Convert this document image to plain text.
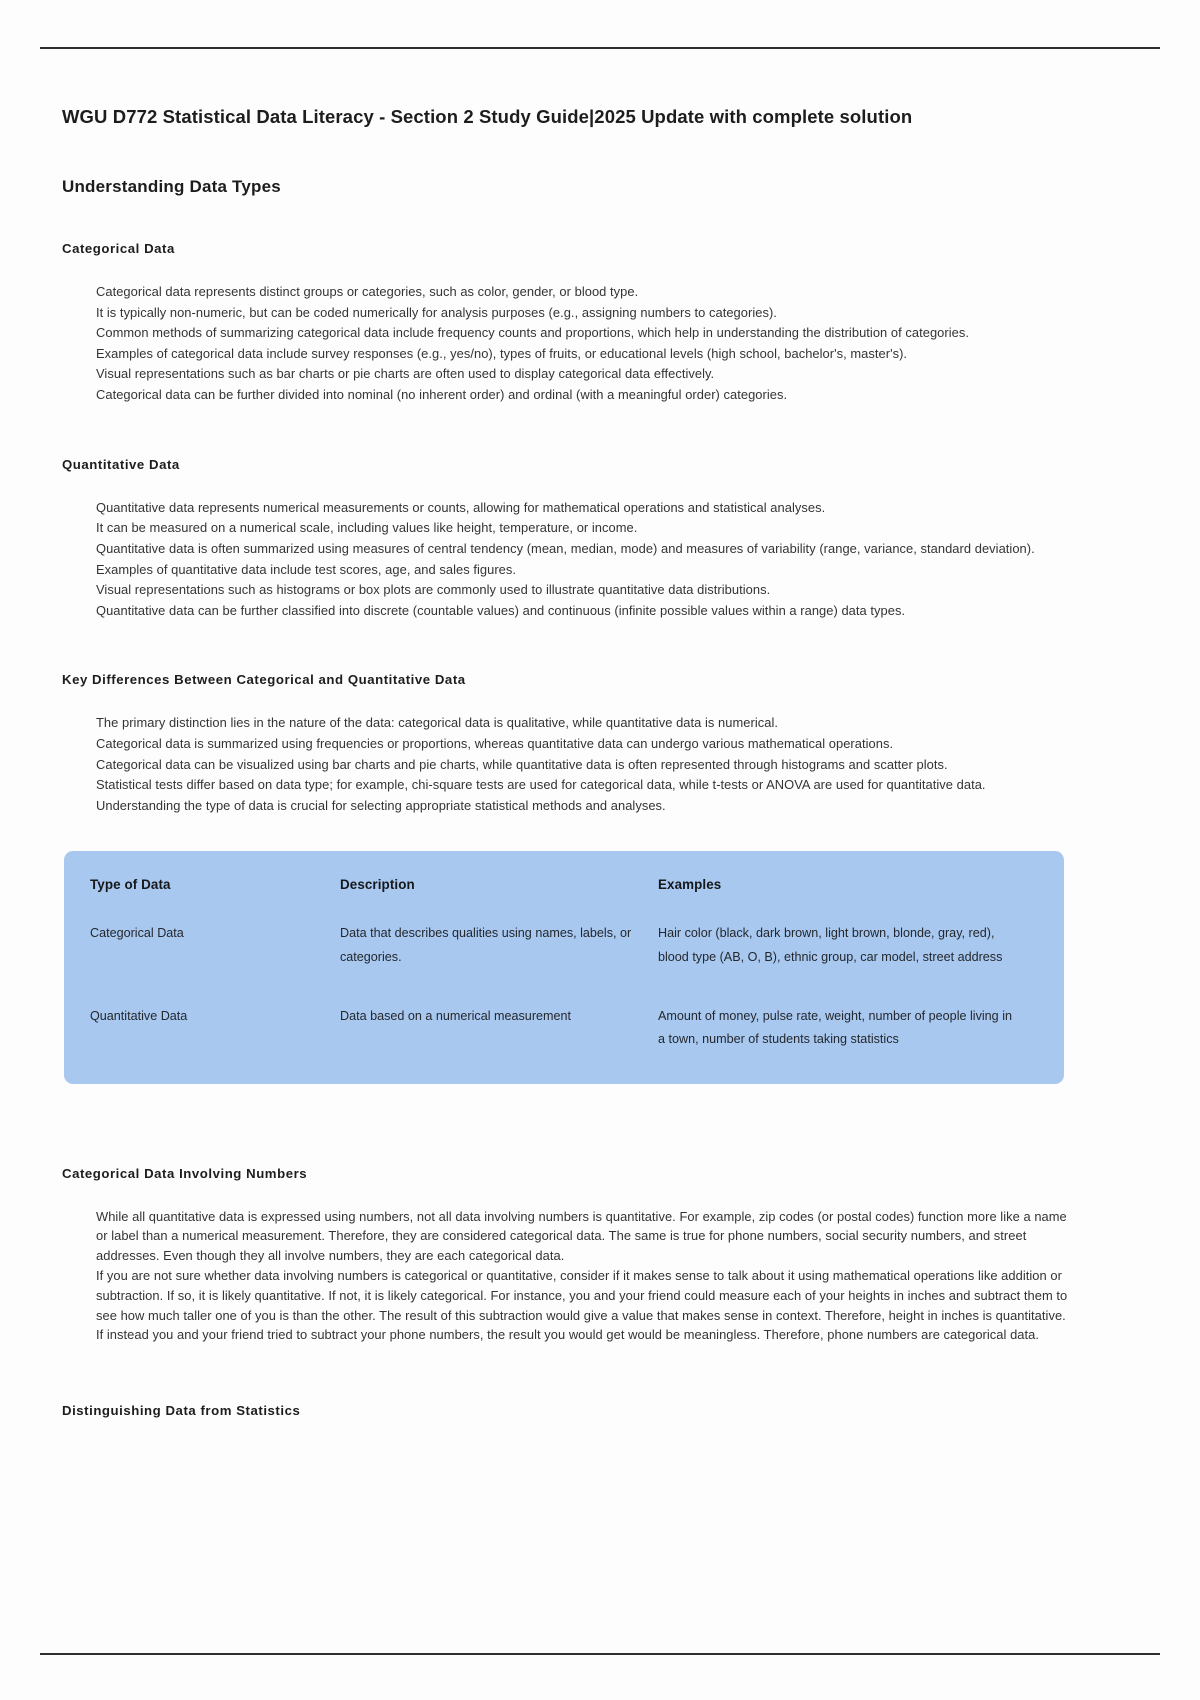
WGU D772 Statistical Data Literacy - Section 2 Study Guide|2025 Update with complete solution
Understanding Data Types
Categorical Data
Categorical data represents distinct groups or categories, such as color, gender, or blood type.
It is typically non-numeric, but can be coded numerically for analysis purposes (e.g., assigning numbers to categories).
Common methods of summarizing categorical data include frequency counts and proportions, which help in understanding the distribution of categories.
Examples of categorical data include survey responses (e.g., yes/no), types of fruits, or educational levels (high school, bachelor's, master's).
Visual representations such as bar charts or pie charts are often used to display categorical data effectively.
Categorical data can be further divided into nominal (no inherent order) and ordinal (with a meaningful order) categories.
Quantitative Data
Quantitative data represents numerical measurements or counts, allowing for mathematical operations and statistical analyses.
It can be measured on a numerical scale, including values like height, temperature, or income.
Quantitative data is often summarized using measures of central tendency (mean, median, mode) and measures of variability (range, variance, standard deviation).
Examples of quantitative data include test scores, age, and sales figures.
Visual representations such as histograms or box plots are commonly used to illustrate quantitative data distributions.
Quantitative data can be further classified into discrete (countable values) and continuous (infinite possible values within a range) data types.
Key Differences Between Categorical and Quantitative Data
The primary distinction lies in the nature of the data: categorical data is qualitative, while quantitative data is numerical.
Categorical data is summarized using frequencies or proportions, whereas quantitative data can undergo various mathematical operations.
Categorical data can be visualized using bar charts and pie charts, while quantitative data is often represented through histograms and scatter plots.
Statistical tests differ based on data type; for example, chi-square tests are used for categorical data, while t-tests or ANOVA are used for quantitative data.
Understanding the type of data is crucial for selecting appropriate statistical methods and analyses.
Type of Data	Description	Examples
Categorical Data	Data that describes qualities using names, labels, or categories.	Hair color (black, dark brown, light brown, blonde, gray, red), blood type (AB, O, B), ethnic group, car model, street address
Quantitative Data	Data based on a numerical measurement	Amount of money, pulse rate, weight, number of people living in a town, number of students taking statistics
Categorical Data Involving Numbers
While all quantitative data is expressed using numbers, not all data involving numbers is quantitative. For example, zip codes (or postal codes) function more like a name or label than a numerical measurement. Therefore, they are considered categorical data. The same is true for phone numbers, social security numbers, and street addresses. Even though they all involve numbers, they are each categorical data.
If you are not sure whether data involving numbers is categorical or quantitative, consider if it makes sense to talk about it using mathematical operations like addition or subtraction. If so, it is likely quantitative. If not, it is likely categorical. For instance, you and your friend could measure each of your heights in inches and subtract them to see how much taller one of you is than the other. The result of this subtraction would give a value that makes sense in context. Therefore, height in inches is quantitative. If instead you and your friend tried to subtract your phone numbers, the result you would get would be meaningless. Therefore, phone numbers are categorical data.
Distinguishing Data from Statistics
